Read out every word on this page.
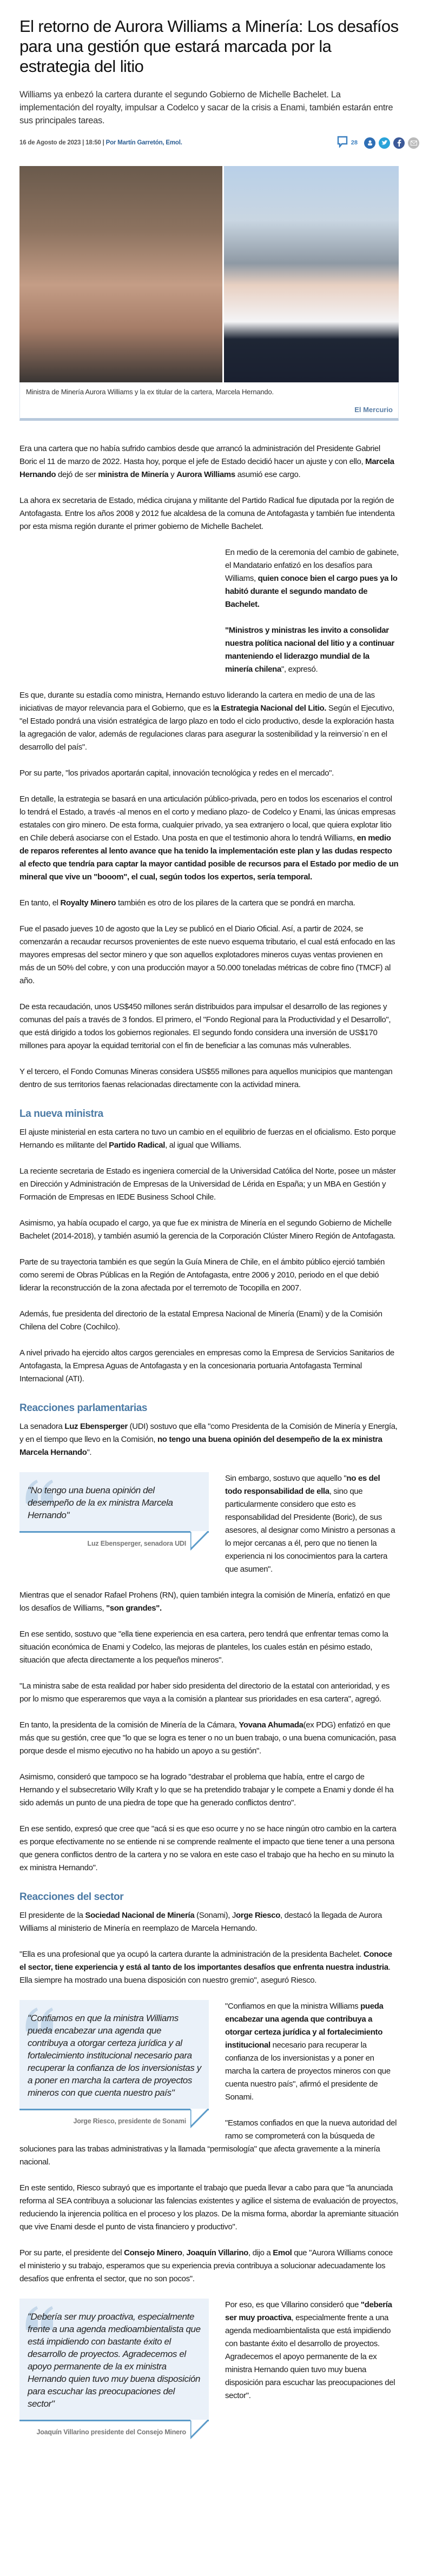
El retorno de Aurora Williams a Minería: Los desafíos para una gestión que estará marcada por la estrategia del litio
Williams ya enbezó la cartera durante el segundo Gobierno de Michelle Bachelet. La implementación del royalty, impulsar a Codelco y sacar de la crisis a Enami, también estarán entre sus principales tareas.
16 de Agosto de 2023 | 18:50 | Por Martín Garretón, Emol.	28
Ministra de Minería Aurora Williams y la ex titular de la cartera, Marcela Hernando.
El Mercurio

Era una cartera que no había sufrido cambios desde que arrancó la administración del Presidente Gabriel Boric el 11 de marzo de 2022. Hasta hoy, porque el jefe de Estado decidió hacer un ajuste y con ello, Marcela Hernando dejó de ser ministra de Minería y Aurora Williams asumió ese cargo.

La ahora ex secretaria de Estado, médica cirujana y militante del Partido Radical fue diputada por la región de Antofagasta. Entre los años 2008 y 2012 fue alcaldesa de la comuna de Antofagasta y también fue intendenta por esta misma región durante el primer gobierno de Michelle Bachelet.

En medio de la ceremonia del cambio de gabinete, el Mandatario enfatizó en los desafíos para Williams, quien conoce bien el cargo pues ya lo habitó durante el segundo mandato de Bachelet.

"Ministros y ministras les invito a consolidar nuestra política nacional del litio y a continuar manteniendo el liderazgo mundial de la minería chilena", expresó.

Es que, durante su estadía como ministra, Hernando estuvo liderando la cartera en medio de una de las iniciativas de mayor relevancia para el Gobierno, que es la Estrategia Nacional del Litio. Según el Ejecutivo, "el Estado pondrá una visión estratégica de largo plazo en todo el ciclo productivo, desde la exploración hasta la agregación de valor, además de regulaciones claras para asegurar la sostenibilidad y la reinversio´n en el desarrollo del país".

Por su parte, "los privados aportarán capital, innovación tecnológica y redes en el mercado".

En detalle, la estrategia se basará en una articulación público-privada, pero en todos los escenarios el control lo tendrá el Estado, a través -al menos en el corto y mediano plazo- de Codelco y Enami, las únicas empresas estatales con giro minero. De esta forma, cualquier privado, ya sea extranjero o local, que quiera explotar litio en Chile deberá asociarse con el Estado. Una posta en que el testimonio ahora lo tendrá Williams, en medio de reparos referentes al lento avance que ha tenido la implementación este plan y las dudas respecto al efecto que tendría para captar la mayor cantidad posible de recursos para el Estado por medio de un mineral que vive un "booom", el cual, según todos los expertos, sería temporal.

En tanto, el Royalty Minero también es otro de los pilares de la cartera que se pondrá en marcha.

Fue el pasado jueves 10 de agosto que la Ley se publicó en el Diario Oficial. Así, a partir de 2024, se comenzarán a recaudar recursos provenientes de este nuevo esquema tributario, el cual está enfocado en las mayores empresas del sector minero y que son aquellos explotadores mineros cuyas ventas provienen en más de un 50% del cobre, y con una producción mayor a 50.000 toneladas métricas de cobre fino (TMCF) al año.

De esta recaudación, unos US$450 millones serán distribuidos para impulsar el desarrollo de las regiones y comunas del país a través de 3 fondos. El primero, el "Fondo Regional para la Productividad y el Desarrollo", que está dirigido a todos los gobiernos regionales. El segundo fondo considera una inversión de US$170 millones para apoyar la equidad territorial con el fin de beneficiar a las comunas más vulnerables.

Y el tercero, el Fondo Comunas Mineras considera US$55 millones para aquellos municipios que mantengan dentro de sus territorios faenas relacionadas directamente con la actividad minera.

La nueva ministra

El ajuste ministerial en esta cartera no tuvo un cambio en el equilibrio de fuerzas en el oficialismo. Esto porque Hernando es militante del Partido Radical, al igual que Williams.

La reciente secretaria de Estado es ingeniera comercial de la Universidad Católica del Norte, posee un máster en Dirección y Administración de Empresas de la Universidad de Lérida en España; y un MBA en Gestión y Formación de Empresas en IEDE Business School Chile.

Asimismo, ya había ocupado el cargo, ya que fue ex ministra de Minería en el segundo Gobierno de Michelle Bachelet (2014-2018), y también asumió la gerencia de la Corporación Clúster Minero Región de Antofagasta.

Parte de su trayectoria también es que según la Guía Minera de Chile, en el ámbito público ejerció también como seremi de Obras Públicas en la Región de Antofagasta, entre 2006 y 2010, periodo en el que debió liderar la reconstrucción de la zona afectada por el terremoto de Tocopilla en 2007.

Además, fue presidenta del directorio de la estatal Empresa Nacional de Minería (Enami) y de la Comisión Chilena del Cobre (Cochilco).

A nivel privado ha ejercido altos cargos gerenciales en empresas como la Empresa de Servicios Sanitarios de Antofagasta, la Empresa Aguas de Antofagasta y en la concesionaria portuaria Antofagasta Terminal Internacional (ATI).

Reacciones parlamentarias

La senadora Luz Ebensperger (UDI) sostuvo que ella "como Presidenta de la Comisión de Minería y Energía, y en el tiempo que llevo en la Comisión, no tengo una buena opinión del desempeño de la ex ministra Marcela Hernando".

"No tengo una buena opinión del desempeño de la ex ministra Marcela Hernando"
Luz Ebensperger, senadora UDI

Sin embargo, sostuvo que aquello "no es del todo responsabilidad de ella, sino que particularmente considero que esto es responsabilidad del Presidente (Boric), de sus asesores, al designar como Ministro a personas a lo mejor cercanas a él, pero que no tienen la experiencia ni los conocimientos para la cartera que asumen".

Mientras que el senador Rafael Prohens (RN), quien también integra la comisión de Minería, enfatizó en que los desafíos de Williams, "son grandes".

En ese sentido, sostuvo que "ella tiene experiencia en esa cartera, pero tendrá que enfrentar temas como la situación económica de Enami y Codelco, las mejoras de planteles, los cuales están en pésimo estado, situación que afecta directamente a los pequeños mineros".

"La ministra sabe de esta realidad por haber sido presidenta del directorio de la estatal con anterioridad, y es por lo mismo que esperaremos que vaya a la comisión a plantear sus prioridades en esa cartera", agregó.

En tanto, la presidenta de la comisión de Minería de la Cámara, Yovana Ahumada(ex PDG) enfatizó en que más que su gestión, cree que "lo que se logra es tener o no un buen trabajo, o una buena comunicación, pasa porque desde el mismo ejecutivo no ha habido un apoyo a su gestión".

Asimismo, consideró que tampoco se ha logrado "destrabar el problema que había, entre el cargo de Hernando y el subsecretario Willy Kraft y lo que se ha pretendido trabajar y le compete a Enami y donde él ha sido además un punto de una piedra de tope que ha generado conflictos dentro".

En ese sentido, expresó que cree que "acá si es que eso ocurre y no se hace ningún otro cambio en la cartera es porque efectivamente no se entiende ni se comprende realmente el impacto que tiene tener a una persona que genera conflictos dentro de la cartera y no se valora en este caso el trabajo que ha hecho en su minuto la ex ministra Hernando".

Reacciones del sector

El presidente de la Sociedad Nacional de Minería (Sonami), Jorge Riesco, destacó la llegada de Aurora Williams al ministerio de Minería en reemplazo de Marcela Hernando.

"Ella es una profesional que ya ocupó la cartera durante la administración de la presidenta Bachelet. Conoce el sector, tiene experiencia y está al tanto de los importantes desafíos que enfrenta nuestra industria. Ella siempre ha mostrado una buena disposición con nuestro gremio", aseguró Riesco.

"Confiamos en que la ministra Williams pueda encabezar una agenda que contribuya a otorgar certeza jurídica y al fortalecimiento institucional necesario para recuperar la confianza de los inversionistas y a poner en marcha la cartera de proyectos mineros con que cuenta nuestro país"
Jorge Riesco, presidente de Sonami

"Confiamos en que la ministra Williams pueda encabezar una agenda que contribuya a otorgar certeza jurídica y al fortalecimiento institucional necesario para recuperar la confianza de los inversionistas y a poner en marcha la cartera de proyectos mineros con que cuenta nuestro país", afirmó el presidente de Sonami.

"Estamos confiados en que la nueva autoridad del ramo se comprometerá con la búsqueda de soluciones para las trabas administrativas y la llamada “permisología" que afecta gravemente a la minería nacional.

En este sentido, Riesco subrayó que es importante el trabajo que pueda llevar a cabo para que "la anunciada reforma al SEA contribuya a solucionar las falencias existentes y agilice el sistema de evaluación de proyectos, reduciendo la injerencia política en el proceso y los plazos. De la misma forma, abordar la apremiante situación que vive Enami desde el punto de vista financiero y productivo".

Por su parte, el presidente del Consejo Minero, Joaquín Villarino, dijo a Emol que "Aurora Williams conoce el ministerio y su trabajo, esperamos que su experiencia previa contribuya a solucionar adecuadamente los desafíos que enfrenta el sector, que no son pocos".

"Debería ser muy proactiva, especialmente frente a una agenda medioambientalista que está impidiendo con bastante éxito el desarrollo de proyectos. Agradecemos el apoyo permanente de la ex ministra Hernando quien tuvo muy buena disposición para escuchar las preocupaciones del sector"
Joaquín Villarino presidente del Consejo Minero

Por eso, es que Villarino consideró que "debería ser muy proactiva, especialmente frente a una agenda medioambientalista que está impidiendo con bastante éxito el desarrollo de proyectos. Agradecemos el apoyo permanente de la ex ministra Hernando quien tuvo muy buena disposición para escuchar las preocupaciones del sector".
